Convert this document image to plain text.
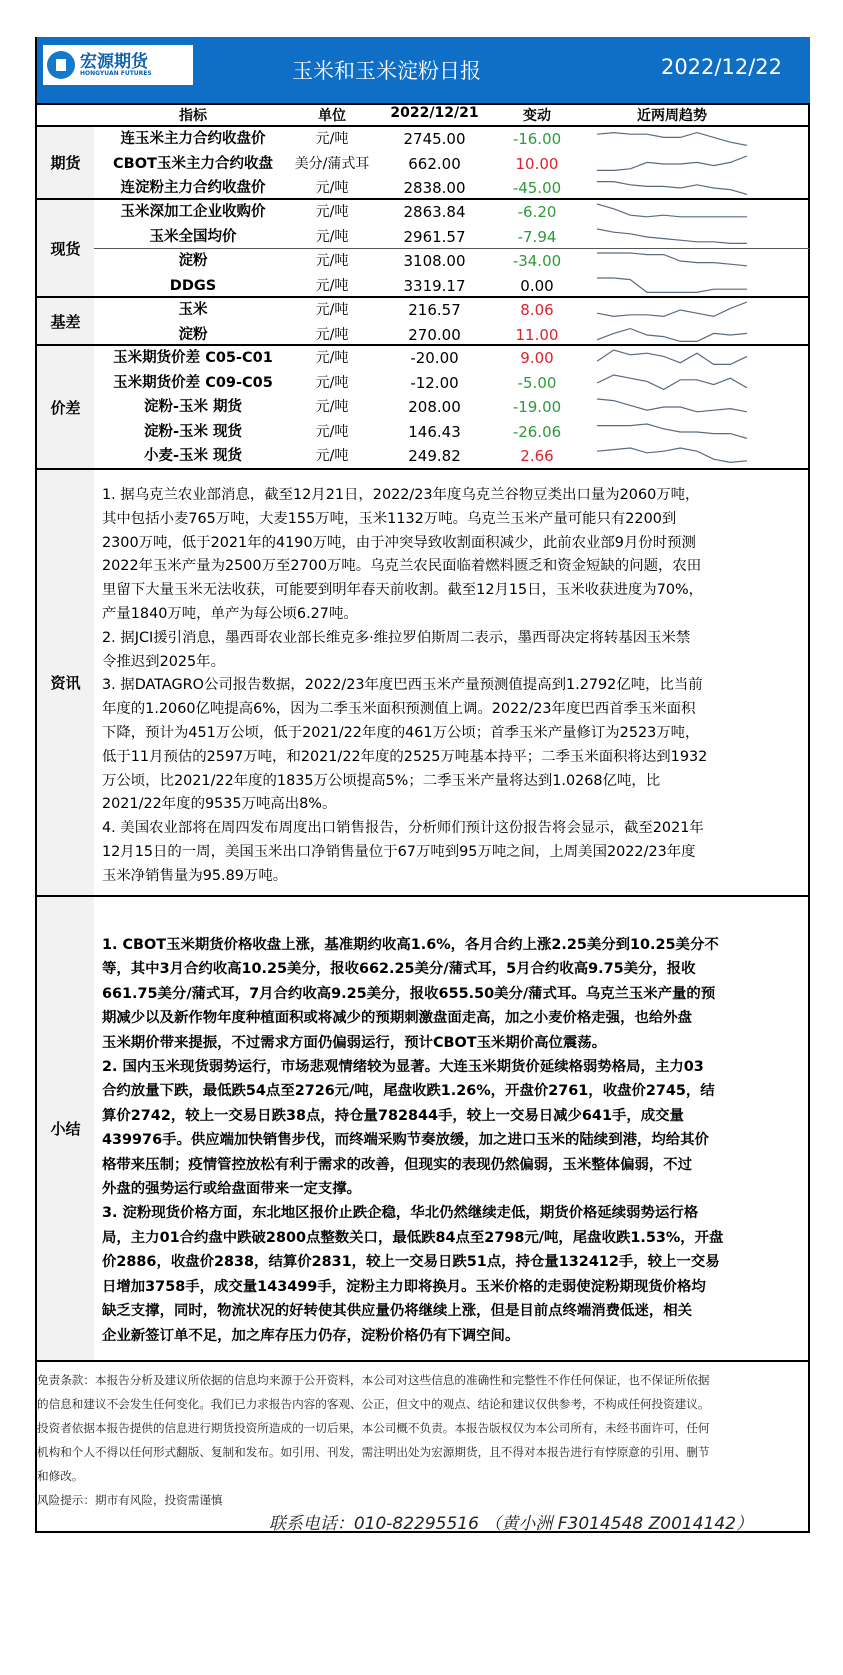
宏源期货
HONGYUAN FUTURES	玉米和玉米淀粉日报	2022/12/22
指标	单位	2022/12/21	变动	近两周趋势
期货
连玉米主力合约收盘价	元/吨	2745.00	-16.00
CBOT玉米主力合约收盘	美分/蒲式耳	662.00	10.00
连淀粉主力合约收盘价	元/吨	2838.00	-45.00
现货
玉米深加工企业收购价	元/吨	2863.84	-6.20
玉米全国均价	元/吨	2961.57	-7.94
淀粉	元/吨	3108.00	-34.00
DDGS	元/吨	3319.17	0.00
基差
玉米	元/吨	216.57	8.06
淀粉	元/吨	270.00	11.00
价差
玉米期货价差 C05-C01	元/吨	-20.00	9.00
玉米期货价差 C09-C05	元/吨	-12.00	-5.00
淀粉-玉米 期货	元/吨	208.00	-19.00
淀粉-玉米 现货	元/吨	146.43	-26.06
小麦-玉米 现货	元/吨	249.82	2.66
资讯
1. 据乌克兰农业部消息，截至12月21日，2022/23年度乌克兰谷物豆类出口量为2060万吨，
其中包括小麦765万吨，大麦155万吨，玉米1132万吨。乌克兰玉米产量可能只有2200到
2300万吨，低于2021年的4190万吨，由于冲突导致收割面积减少，此前农业部9月份时预测
2022年玉米产量为2500万至2700万吨。乌克兰农民面临着燃料匮乏和资金短缺的问题，农田
里留下大量玉米无法收获，可能要到明年春天前收割。截至12月15日，玉米收获进度为70%，
产量1840万吨，单产为每公顷6.27吨。
2. 据JCI援引消息，墨西哥农业部长维克多·维拉罗伯斯周二表示，墨西哥决定将转基因玉米禁
令推迟到2025年。
3. 据DATAGRO公司报告数据，2022/23年度巴西玉米产量预测值提高到1.2792亿吨，比当前
年度的1.2060亿吨提高6%，因为二季玉米面积预测值上调。2022/23年度巴西首季玉米面积
下降，预计为451万公顷，低于2021/22年度的461万公顷；首季玉米产量修订为2523万吨，
低于11月预估的2597万吨，和2021/22年度的2525万吨基本持平；二季玉米面积将达到1932
万公顷，比2021/22年度的1835万公顷提高5%；二季玉米产量将达到1.0268亿吨，比
2021/22年度的9535万吨高出8%。
4. 美国农业部将在周四发布周度出口销售报告，分析师们预计这份报告将会显示，截至2021年
12月15日的一周，美国玉米出口净销售量位于67万吨到95万吨之间，上周美国2022/23年度
玉米净销售量为95.89万吨。
小结
1. CBOT玉米期货价格收盘上涨，基准期约收高1.6%，各月合约上涨2.25美分到10.25美分不
等，其中3月合约收高10.25美分，报收662.25美分/蒲式耳，5月合约收高9.75美分，报收
661.75美分/蒲式耳，7月合约收高9.25美分，报收655.50美分/蒲式耳。乌克兰玉米产量的预
期减少以及新作物年度种植面积或将减少的预期刺激盘面走高，加之小麦价格走强，也给外盘
玉米期价带来提振，不过需求方面仍偏弱运行，预计CBOT玉米期价高位震荡。
2. 国内玉米现货弱势运行，市场悲观情绪较为显著。大连玉米期货价延续格弱势格局，主力03
合约放量下跌，最低跌54点至2726元/吨，尾盘收跌1.26%，开盘价2761，收盘价2745，结
算价2742，较上一交易日跌38点，持仓量782844手，较上一交易日减少641手，成交量
439976手。供应端加快销售步伐，而终端采购节奏放缓，加之进口玉米的陆续到港，均给其价
格带来压制；疫情管控放松有利于需求的改善，但现实的表现仍然偏弱，玉米整体偏弱，不过
外盘的强势运行或给盘面带来一定支撑。
3. 淀粉现货价格方面，东北地区报价止跌企稳，华北仍然继续走低，期货价格延续弱势运行格
局，主力01合约盘中跌破2800点整数关口，最低跌84点至2798元/吨，尾盘收跌1.53%，开盘
价2886，收盘价2838，结算价2831，较上一交易日跌51点，持仓量132412手，较上一交易
日增加3758手，成交量143499手，淀粉主力即将换月。玉米价格的走弱使淀粉期现货价格均
缺乏支撑，同时，物流状况的好转使其供应量仍将继续上涨，但是目前点终端消费低迷，相关
企业新签订单不足，加之库存压力仍存，淀粉价格仍有下调空间。
免责条款：本报告分析及建议所依据的信息均来源于公开资料，本公司对这些信息的准确性和完整性不作任何保证，也不保证所依据
的信息和建议不会发生任何变化。我们已力求报告内容的客观、公正，但文中的观点、结论和建议仅供参考，不构成任何投资建议。
投资者依据本报告提供的信息进行期货投资所造成的一切后果，本公司概不负责。本报告版权仅为本公司所有，未经书面许可，任何
机构和个人不得以任何形式翻版、复制和发布。如引用、刊发，需注明出处为宏源期货，且不得对本报告进行有悖原意的引用、删节
和修改。
风险提示：期市有风险，投资需谨慎
联系电话：010-82295516 （黄小洲 F3014548 Z0014142）
